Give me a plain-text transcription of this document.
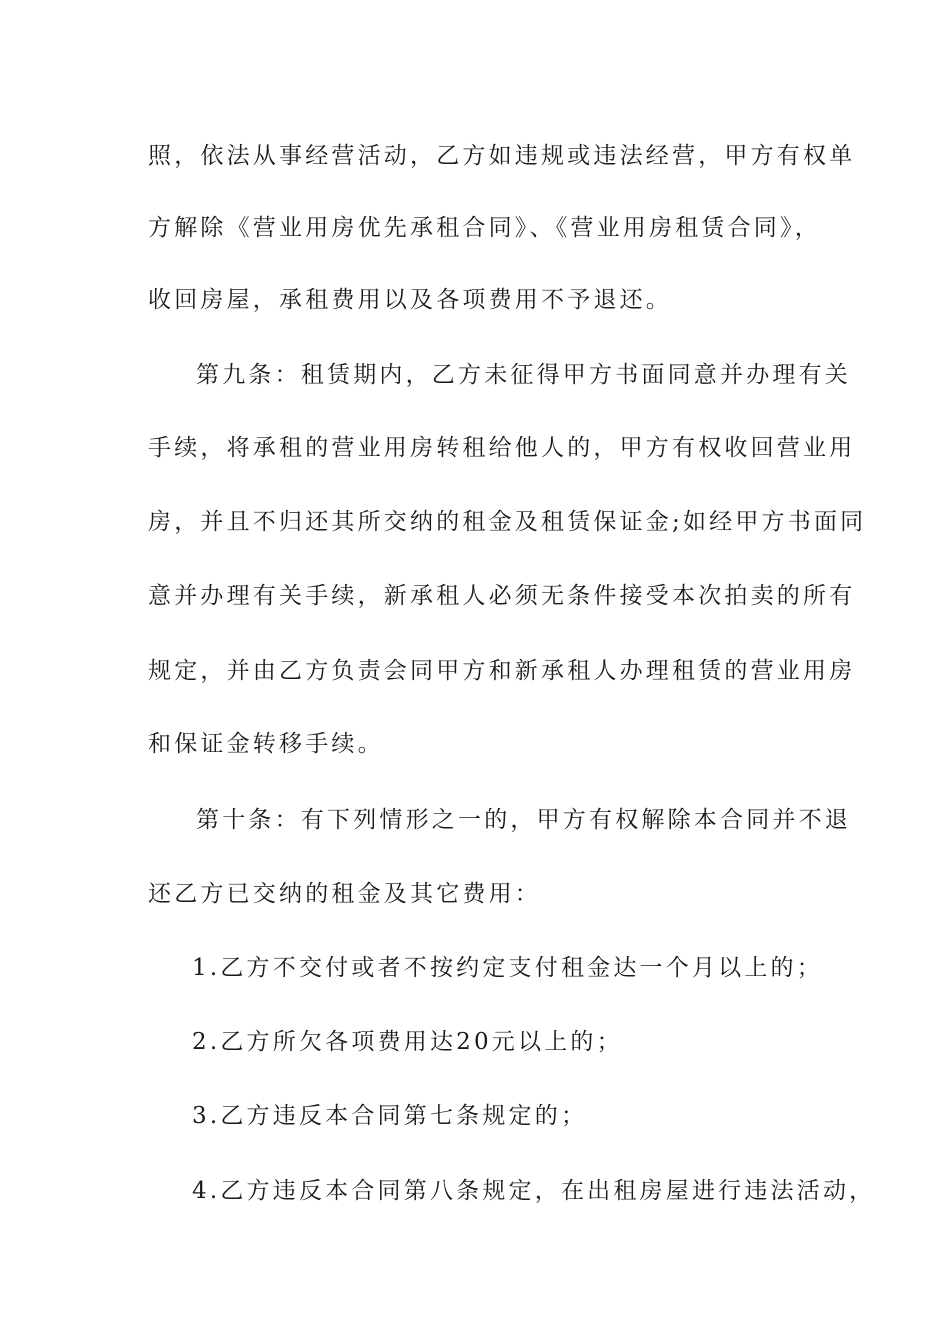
照，依法从事经营活动，乙方如违规或违法经营，甲方有权单
方解除《营业用房优先承租合同》、《营业用房租赁合同》，
收回房屋，承租费用以及各项费用不予退还。
第九条：租赁期内，乙方未征得甲方书面同意并办理有关
手续，将承租的营业用房转租给他人的，甲方有权收回营业用
房，并且不归还其所交纳的租金及租赁保证金;如经甲方书面同
意并办理有关手续，新承租人必须无条件接受本次拍卖的所有
规定，并由乙方负责会同甲方和新承租人办理租赁的营业用房
和保证金转移手续。
第十条：有下列情形之一的，甲方有权解除本合同并不退
还乙方已交纳的租金及其它费用：
1.乙方不交付或者不按约定支付租金达一个月以上的；
2.乙方所欠各项费用达20元以上的；
3.乙方违反本合同第七条规定的；
4.乙方违反本合同第八条规定，在出租房屋进行违法活动，
